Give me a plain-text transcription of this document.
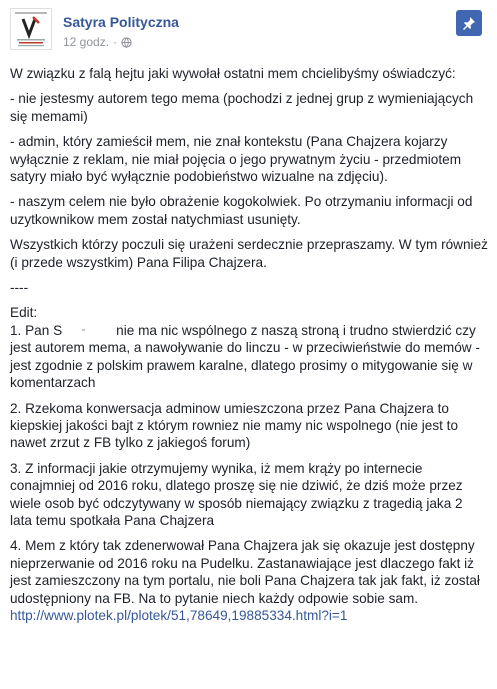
Satyra Polityczna
12 godz. ·

W związku z falą hejtu jaki wywołał ostatni mem chcielibyśmy oświadczyć:

- nie jestesmy autorem tego mema (pochodzi z jednej grup z wymieniających się memami)

- admin, który zamieścił mem, nie znał kontekstu (Pana Chajzera kojarzy wyłącznie z reklam, nie miał pojęcia o jego prywatnym życiu - przedmiotem satyry miało być wyłącznie podobieństwo wizualne na zdjęciu).

- naszym celem nie było obrażenie kogokolwiek. Po otrzymaniu informacji od uzytkownikow mem został natychmiast usunięty.

Wszystkich którzy poczuli się urażeni serdecznie przepraszamy. W tym również (i przede wszystkim) Pana Filipa Chajzera.

----

Edit:

1. Pan S	nie ma nic wspólnego z naszą stroną i trudno stwierdzić czy jest autorem mema, a nawoływanie do linczu - w przeciwieństwie do memów - jest zgodnie z polskim prawem karalne, dlatego prosimy o mitygowanie się w komentarzach

2. Rzekoma konwersacja adminow umieszczona przez Pana Chajzera to kiepskiej jakości bajt z którym rowniez nie mamy nic wspolnego (nie jest to nawet zrzut z FB tylko z jakiegoś forum)

3. Z informacji jakie otrzymujemy wynika, iż mem krąży po internecie conajmniej od 2016 roku, dlatego proszę się nie dziwić, że dziś może przez wiele osob być odczytywany w sposób niemający związku z tragedią jaka 2 lata temu spotkała Pana Chajzera

4. Mem z który tak zdenerwował Pana Chajzera jak się okazuje jest dostępny nieprzerwanie od 2016 roku na Pudelku. Zastanawiające jest dlaczego fakt iż jest zamieszczony na tym portalu, nie boli Pana Chajzera tak jak fakt, iż został udostępniony na FB. Na to pytanie niech każdy odpowie sobie sam.

http://www.plotek.pl/plotek/51,78649,19885334.html?i=1
